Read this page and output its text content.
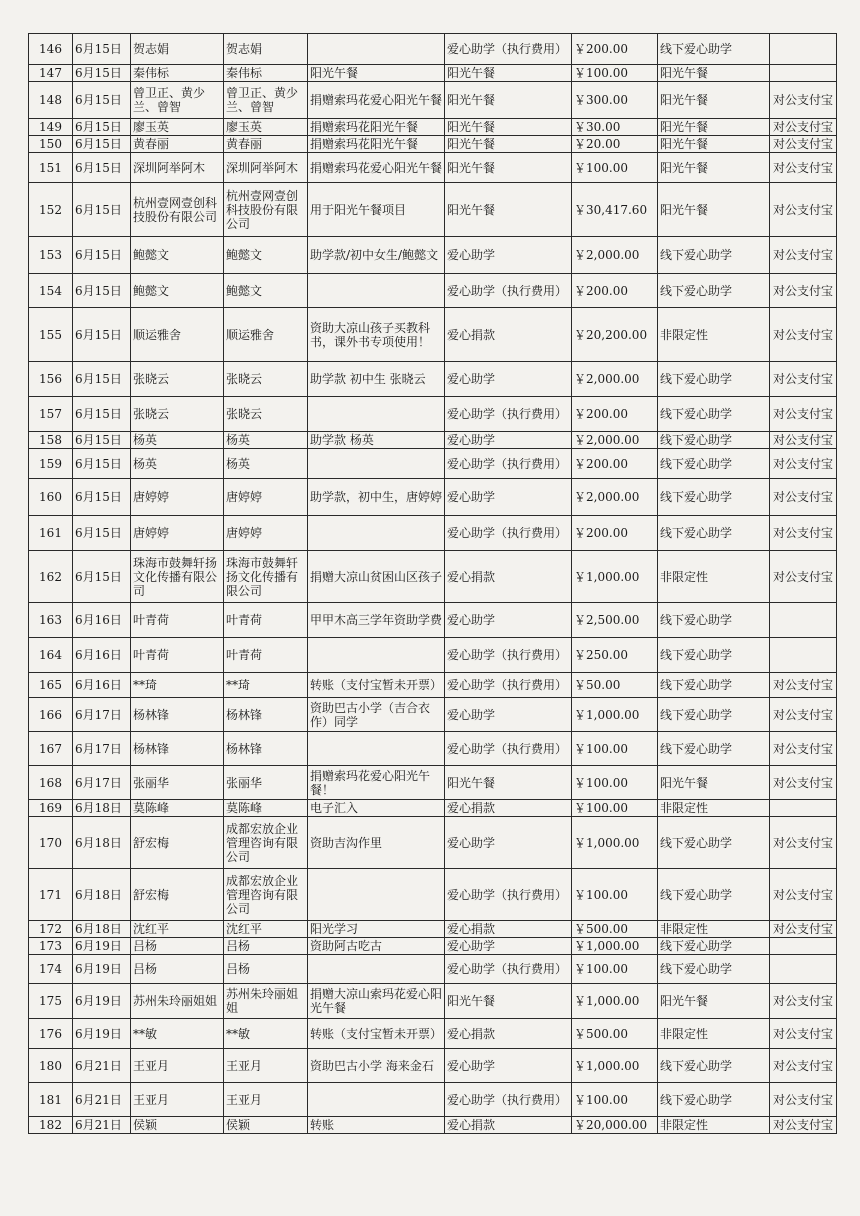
146	6月15日	贺志娟	贺志娟		爱心助学（执行费用）	￥200.00	线下爱心助学	
147	6月15日	秦伟标	秦伟标	阳光午餐	阳光午餐	￥100.00	阳光午餐	
148	6月15日	曾卫正、黄少兰、曾智	曾卫正、黄少兰、曾智	捐赠索玛花爱心阳光午餐	阳光午餐	￥300.00	阳光午餐	对公支付宝
149	6月15日	廖玉英	廖玉英	捐赠索玛花阳光午餐	阳光午餐	￥30.00	阳光午餐	对公支付宝
150	6月15日	黄春丽	黄春丽	捐赠索玛花阳光午餐	阳光午餐	￥20.00	阳光午餐	对公支付宝
151	6月15日	深圳阿举阿木	深圳阿举阿木	捐赠索玛花爱心阳光午餐	阳光午餐	￥100.00	阳光午餐	对公支付宝
152	6月15日	杭州壹网壹创科技股份有限公司	杭州壹网壹创科技股份有限公司	用于阳光午餐项目	阳光午餐	￥30,417.60	阳光午餐	对公支付宝
153	6月15日	鲍懿文	鲍懿文	助学款/初中女生/鲍懿文	爱心助学	￥2,000.00	线下爱心助学	对公支付宝
154	6月15日	鲍懿文	鲍懿文		爱心助学（执行费用）	￥200.00	线下爱心助学	对公支付宝
155	6月15日	顺运雅舍	顺运雅舍	资助大凉山孩子买教科书，课外书专项使用！	爱心捐款	￥20,200.00	非限定性	对公支付宝
156	6月15日	张晓云	张晓云	助学款 初中生 张晓云	爱心助学	￥2,000.00	线下爱心助学	对公支付宝
157	6月15日	张晓云	张晓云		爱心助学（执行费用）	￥200.00	线下爱心助学	对公支付宝
158	6月15日	杨英	杨英	助学款 杨英	爱心助学	￥2,000.00	线下爱心助学	对公支付宝
159	6月15日	杨英	杨英		爱心助学（执行费用）	￥200.00	线下爱心助学	对公支付宝
160	6月15日	唐婷婷	唐婷婷	助学款，初中生，唐婷婷	爱心助学	￥2,000.00	线下爱心助学	对公支付宝
161	6月15日	唐婷婷	唐婷婷		爱心助学（执行费用）	￥200.00	线下爱心助学	对公支付宝
162	6月15日	珠海市鼓舞轩扬文化传播有限公司	珠海市鼓舞轩扬文化传播有限公司	捐赠大凉山贫困山区孩子	爱心捐款	￥1,000.00	非限定性	对公支付宝
163	6月16日	叶青荷	叶青荷	甲甲木高三学年资助学费	爱心助学	￥2,500.00	线下爱心助学	
164	6月16日	叶青荷	叶青荷		爱心助学（执行费用）	￥250.00	线下爱心助学	
165	6月16日	**琦	**琦	转账（支付宝暂未开票）	爱心助学（执行费用）	￥50.00	线下爱心助学	对公支付宝
166	6月17日	杨林锋	杨林锋	资助巴古小学（吉合衣作）同学	爱心助学	￥1,000.00	线下爱心助学	对公支付宝
167	6月17日	杨林锋	杨林锋		爱心助学（执行费用）	￥100.00	线下爱心助学	对公支付宝
168	6月17日	张丽华	张丽华	捐赠索玛花爱心阳光午餐！	阳光午餐	￥100.00	阳光午餐	对公支付宝
169	6月18日	莫陈峰	莫陈峰	电子汇入	爱心捐款	￥100.00	非限定性	
170	6月18日	舒宏梅	成都宏放企业管理咨询有限公司	资助吉沟作里	爱心助学	￥1,000.00	线下爱心助学	对公支付宝
171	6月18日	舒宏梅	成都宏放企业管理咨询有限公司		爱心助学（执行费用）	￥100.00	线下爱心助学	对公支付宝
172	6月18日	沈红平	沈红平	阳光学习	爱心捐款	￥500.00	非限定性	对公支付宝
173	6月19日	吕杨	吕杨	资助阿古吃古	爱心助学	￥1,000.00	线下爱心助学	
174	6月19日	吕杨	吕杨		爱心助学（执行费用）	￥100.00	线下爱心助学	
175	6月19日	苏州朱玲丽姐姐	苏州朱玲丽姐姐	捐赠大凉山索玛花爱心阳光午餐	阳光午餐	￥1,000.00	阳光午餐	对公支付宝
176	6月19日	**敏	**敏	转账（支付宝暂未开票）	爱心捐款	￥500.00	非限定性	对公支付宝
180	6月21日	王亚月	王亚月	资助巴古小学 海来金石	爱心助学	￥1,000.00	线下爱心助学	对公支付宝
181	6月21日	王亚月	王亚月		爱心助学（执行费用）	￥100.00	线下爱心助学	对公支付宝
182	6月21日	侯颖	侯颖	转账	爱心捐款	￥20,000.00	非限定性	对公支付宝
